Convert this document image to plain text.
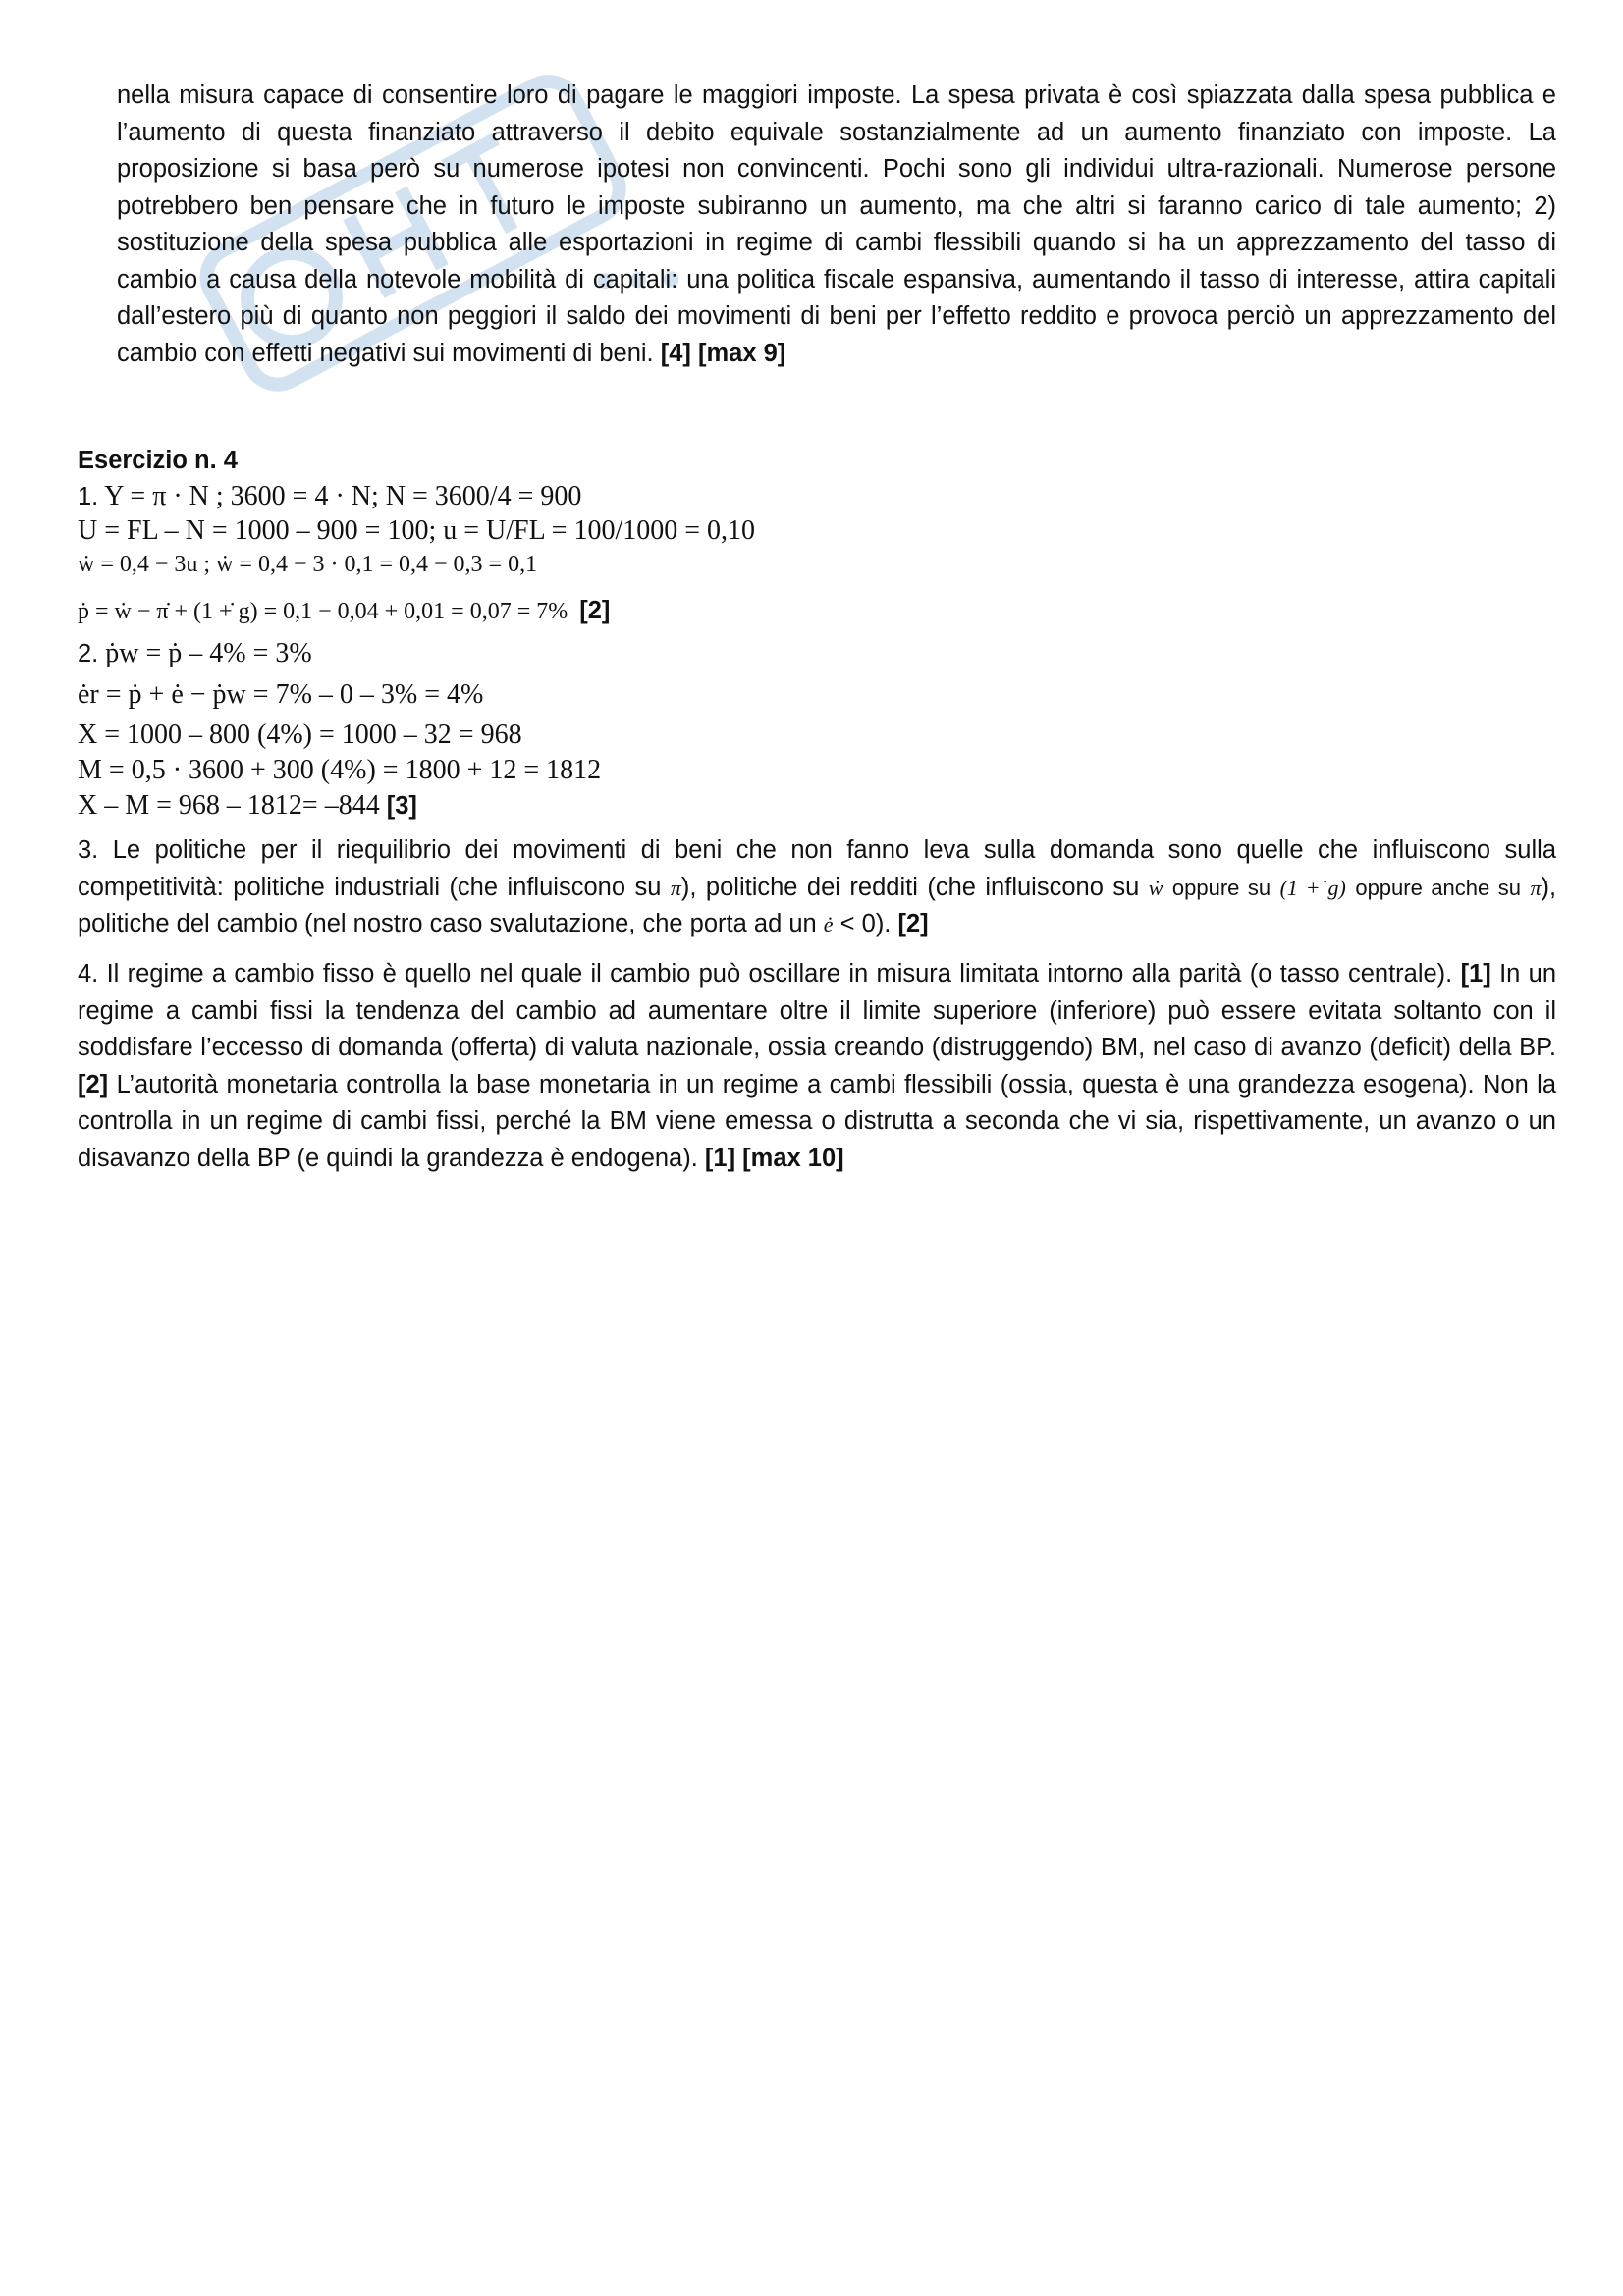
nella misura capace di consentire loro di pagare le maggiori imposte. La spesa privata è così spiazzata dalla spesa pubblica e l’aumento di questa finanziato attraverso il debito equivale sostanzialmente ad un aumento finanziato con imposte. La proposizione si basa però su numerose ipotesi non convincenti. Pochi sono gli individui ultra-razionali. Numerose persone potrebbero ben pensare che in futuro le imposte subiranno un aumento, ma che altri si faranno carico di tale aumento; 2) sostituzione della spesa pubblica alle esportazioni in regime di cambi flessibili quando si ha un apprezzamento del tasso di cambio a causa della notevole mobilità di capitali: una politica fiscale espansiva, aumentando il tasso di interesse, attira capitali dall’estero più di quanto non peggiori il saldo dei movimenti di beni per l’effetto reddito e provoca perciò un apprezzamento del cambio con effetti negativi sui movimenti di beni. [4] [max 9]
Esercizio n. 4
1. Y = π · N ; 3600 = 4 · N; N = 3600/4 = 900
U = FL – N = 1000 – 900 = 100; u = U/FL = 100/1000 = 0,10
ẇ = 0,4 − 3u ; ẇ = 0,4 − 3 · 0,1 = 0,4 − 0,3 = 0,1
ṗ = ẇ − π̇ + (1 +̇ g) = 0,1 − 0,04 + 0,01 = 0,07 = 7% [2]
2. ṗw = ṗ – 4% = 3%
ėr = ṗ + ė − ṗw = 7% – 0 – 3% = 4%
X = 1000 – 800 (4%) = 1000 – 32 = 968
M = 0,5 · 3600 + 300 (4%) = 1800 + 12 = 1812
X – M = 968 – 1812= –844 [3]
3. Le politiche per il riequilibrio dei movimenti di beni che non fanno leva sulla domanda sono quelle che influiscono sulla competitività: politiche industriali (che influiscono su π̇), politiche dei redditi (che influiscono su ẇ oppure su (1 +̇ g) oppure anche su π̇), politiche del cambio (nel nostro caso svalutazione, che porta ad un ė < 0). [2]
4. Il regime a cambio fisso è quello nel quale il cambio può oscillare in misura limitata intorno alla parità (o tasso centrale). [1] In un regime a cambi fissi la tendenza del cambio ad aumentare oltre il limite superiore (inferiore) può essere evitata soltanto con il soddisfare l’eccesso di domanda (offerta) di valuta nazionale, ossia creando (distruggendo) BM, nel caso di avanzo (deficit) della BP. [2] L’autorità monetaria controlla la base monetaria in un regime a cambi flessibili (ossia, questa è una grandezza esogena). Non la controlla in un regime di cambi fissi, perché la BM viene emessa o distrutta a seconda che vi sia, rispettivamente, un avanzo o un disavanzo della BP (e quindi la grandezza è endogena). [1] [max 10]
